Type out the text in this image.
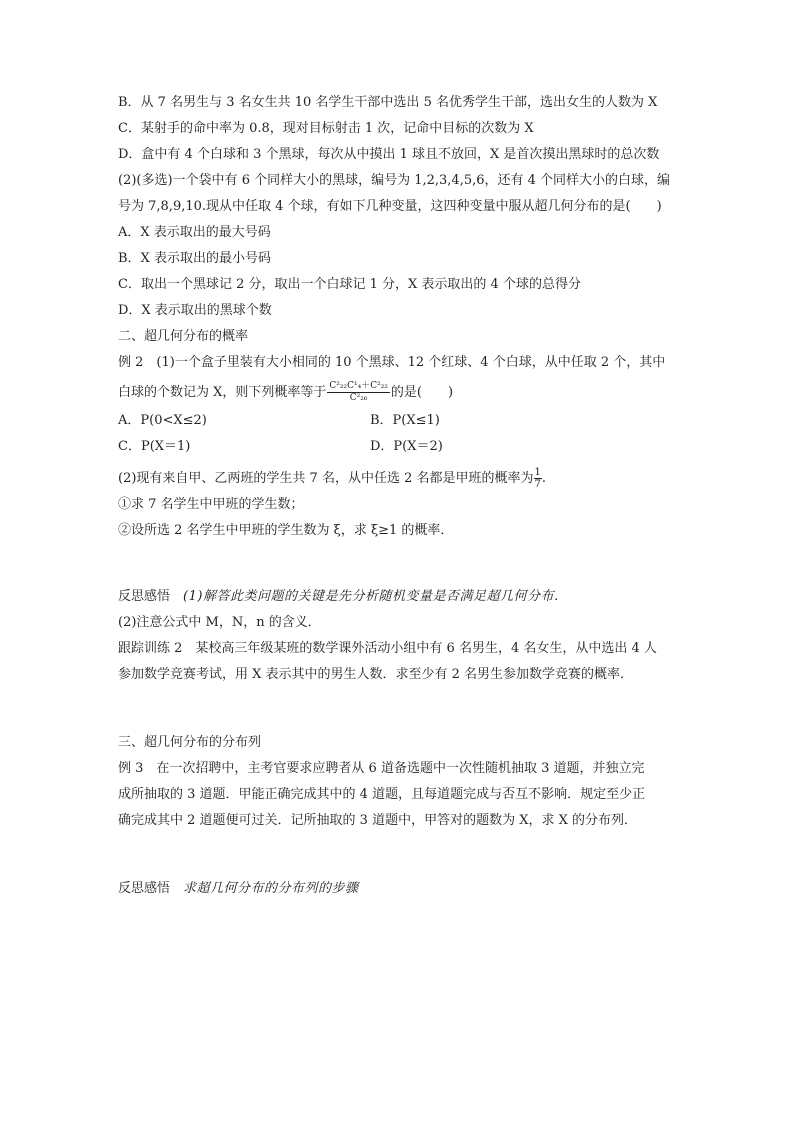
B．从 7 名男生与 3 名女生共 10 名学生干部中选出 5 名优秀学生干部，选出女生的人数为 X

C．某射手的命中率为 0.8，现对目标射击 1 次，记命中目标的次数为 X

D．盒中有 4 个白球和 3 个黑球，每次从中摸出 1 球且不放回，X 是首次摸出黑球时的总次数

(2)(多选)一个袋中有 6 个同样大小的黑球，编号为 1,2,3,4,5,6，还有 4 个同样大小的白球，编

号为 7,8,9,10.现从中任取 4 个球，有如下几种变量，这四种变量中服从超几何分布的是(　　)

A．X 表示取出的最大号码

B．X 表示取出的最小号码

C．取出一个黑球记 2 分，取出一个白球记 1 分，X 表示取出的 4 个球的总得分

D．X 表示取出的黑球个数

二、超几何分布的概率

例 2　(1)一个盒子里装有大小相同的 10 个黑球、12 个红球、4 个白球，从中任取 2 个，其中

白球的个数记为 X，则下列概率等于 $\frac{\text{C²₂₂C¹₄＋C²₂₂}}{\text{C²₂₆}}$ 的是(　　)

A．P(0<X≤2)	B．P(X≤1)

C．P(X＝1)	D．P(X＝2)

(2)现有来自甲、乙两班的学生共 7 名，从中任选 2 名都是甲班的概率为 $\frac{1}{7}$ .

①求 7 名学生中甲班的学生数；

②设所选 2 名学生中甲班的学生数为 ξ，求 ξ≥1 的概率．

反思感悟　 (1)解答此类问题的关键是先分析随机变量是否满足超几何分布．

(2)注意公式中 M，N，n 的含义．

跟踪训练 2　某校高三年级某班的数学课外活动小组中有 6 名男生，4 名女生，从中选出 4 人

参加数学竞赛考试，用 X 表示其中的男生人数．求至少有 2 名男生参加数学竞赛的概率．

三、超几何分布的分布列

例 3　在一次招聘中，主考官要求应聘者从 6 道备选题中一次性随机抽取 3 道题，并独立完

成所抽取的 3 道题．甲能正确完成其中的 4 道题，且每道题完成与否互不影响．规定至少正

确完成其中 2 道题便可过关．记所抽取的 3 道题中，甲答对的题数为 X，求 X 的分布列．

反思感悟　 求超几何分布的分布列的步骤
